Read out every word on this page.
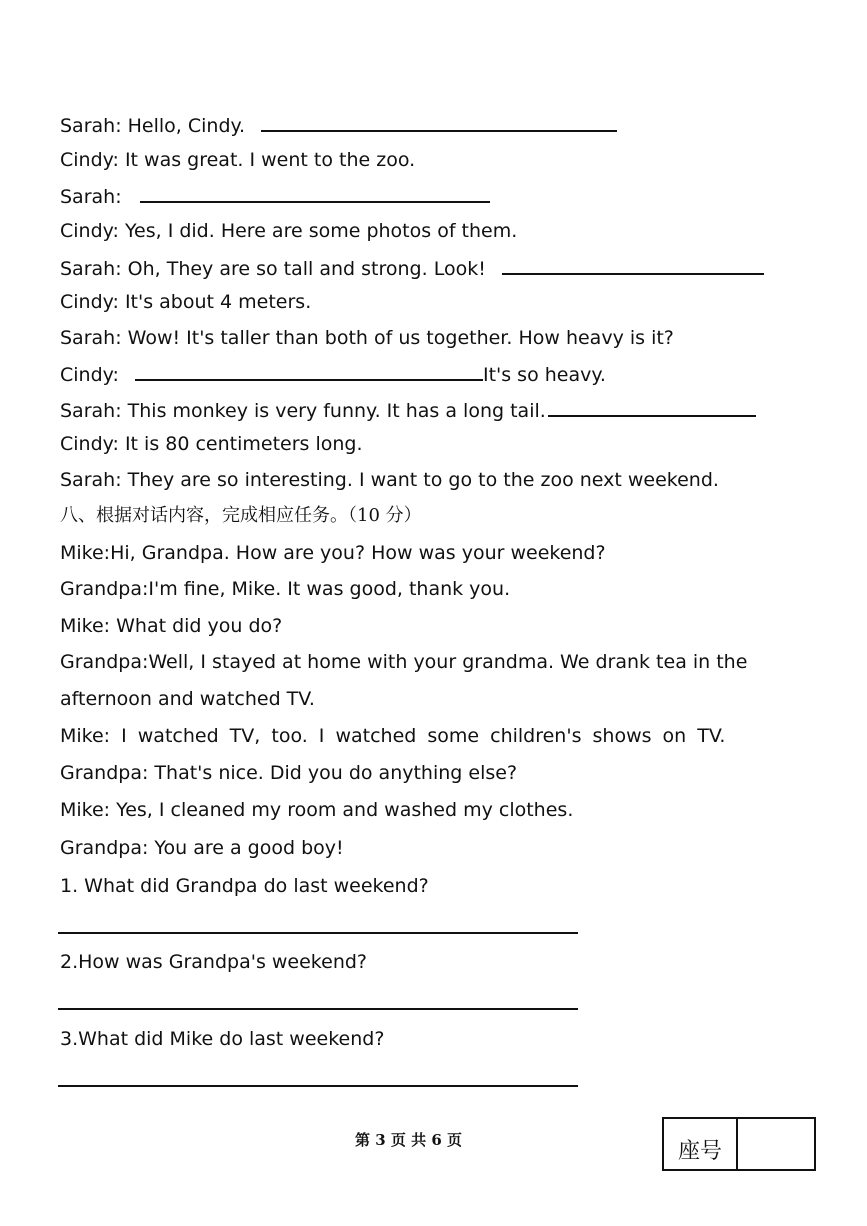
Sarah: Hello, Cindy.
Cindy: It was great. I went to the zoo.
Sarah:
Cindy: Yes, I did. Here are some photos of them.
Sarah: Oh, They are so tall and strong. Look!
Cindy: It's about 4 meters.
Sarah: Wow! It's taller than both of us together. How heavy is it?
Cindy:	It's so heavy.
Sarah: This monkey is very funny. It has a long tail.
Cindy: It is 80 centimeters long.
Sarah: They are so interesting. I want to go to the zoo next weekend.
八、根据对话内容，完成相应任务。（10 分）
Mike:Hi, Grandpa. How are you? How was your weekend?
Grandpa:I'm fine, Mike. It was good, thank you.
Mike: What did you do?
Grandpa:Well, I stayed at home with your grandma. We drank tea in the
afternoon and watched TV.
Mike: I watched TV, too. I watched some children's shows on TV.
Grandpa: That's nice. Did you do anything else?
Mike: Yes, I cleaned my room and washed my clothes.
Grandpa: You are a good boy!
1. What did Grandpa do last weekend?
2.How was Grandpa's weekend?
3.What did Mike do last weekend?
第 3 页 共 6 页	座号
